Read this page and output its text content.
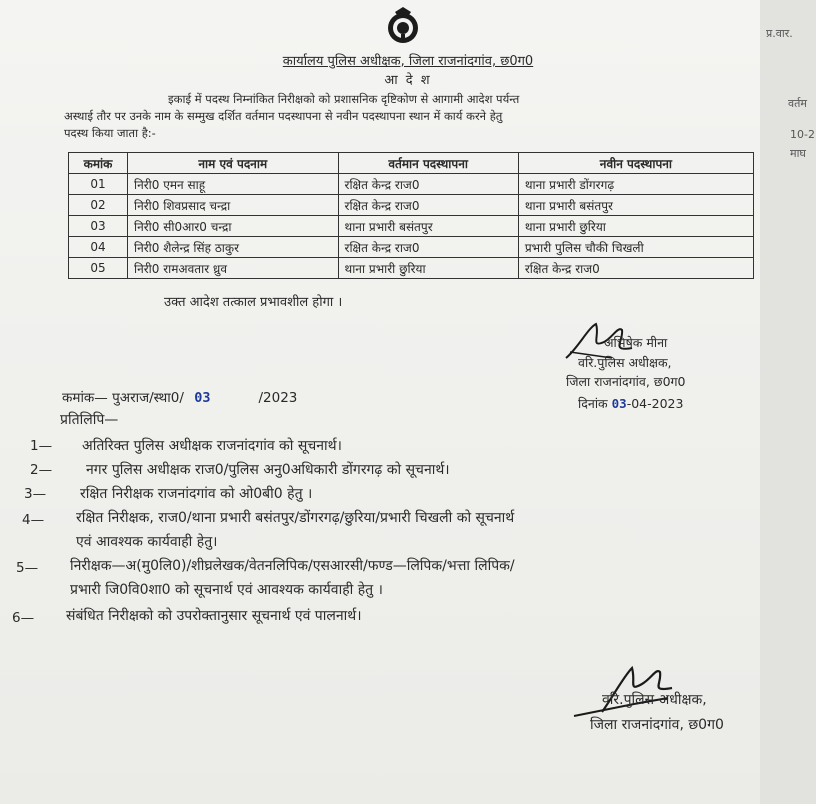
कार्यालय पुलिस अधीक्षक, जिला राजनांदगांव, छ0ग0
आ दे श
इकाई में पदस्थ निम्नांकित निरीक्षको को प्रशासनिक दृष्टिकोण से आगामी आदेश पर्यन्त
अस्थाई तौर पर उनके नाम के सम्मुख दर्शित वर्तमान पदस्थापना से नवीन पदस्थापना स्थान में कार्य करने हेतु
पदस्थ किया जाता है:-
कमांक	नाम एवं पदनाम	वर्तमान पदस्थापना	नवीन पदस्थापना
01	निरी0 एमन साहू	रक्षित केन्द्र राज0	थाना प्रभारी डोंगरगढ़
02	निरी0 शिवप्रसाद चन्द्रा	रक्षित केन्द्र राज0	थाना प्रभारी बसंतपुर
03	निरी0 सी0आर0 चन्द्रा	थाना प्रभारी बसंतपुर	थाना प्रभारी छुरिया
04	निरी0 शैलेन्द्र सिंह ठाकुर	रक्षित केन्द्र राज0	प्रभारी पुलिस चौकी चिखली
05	निरी0 रामअवतार ध्रुव	थाना प्रभारी छुरिया	रक्षित केन्द्र राज0
उक्त आदेश तत्काल प्रभावशील होगा ।
अभिषेक मीना
वरि.पुलिस अधीक्षक,
जिला राजनांदगांव, छ0ग0
दिनांक 03-04-2023
कमांक— पुअराज/स्था0/ 03	/2023
प्रतिलिपि—
1— अतिरिक्त पुलिस अधीक्षक राजनांदगांव को सूचनार्थ।
2— नगर पुलिस अधीक्षक राज0/पुलिस अनु0अधिकारी डोंगरगढ़ को सूचनार्थ।
3— रक्षित निरीक्षक राजनांदगांव को ओ0बी0 हेतु ।
4— रक्षित निरीक्षक, राज0/थाना प्रभारी बसंतपुर/डोंगरगढ़/छुरिया/प्रभारी चिखली को सूचनार्थ
एवं आवश्यक कार्यवाही हेतु।
5— निरीक्षक—अ(मु0लि0)/शीघ्रलेखक/वेतनलिपिक/एसआरसी/फण्ड—लिपिक/भत्ता लिपिक/
प्रभारी जि0वि0शा0 को सूचनार्थ एवं आवश्यक कार्यवाही हेतु ।
6— संबंधित निरीक्षको को उपरोक्तानुसार सूचनार्थ एवं पालनार्थ।
वरि.पुलिस अधीक्षक,
जिला राजनांदगांव, छ0ग0
प्र.वार.
वर्तम
10-2
माघ
